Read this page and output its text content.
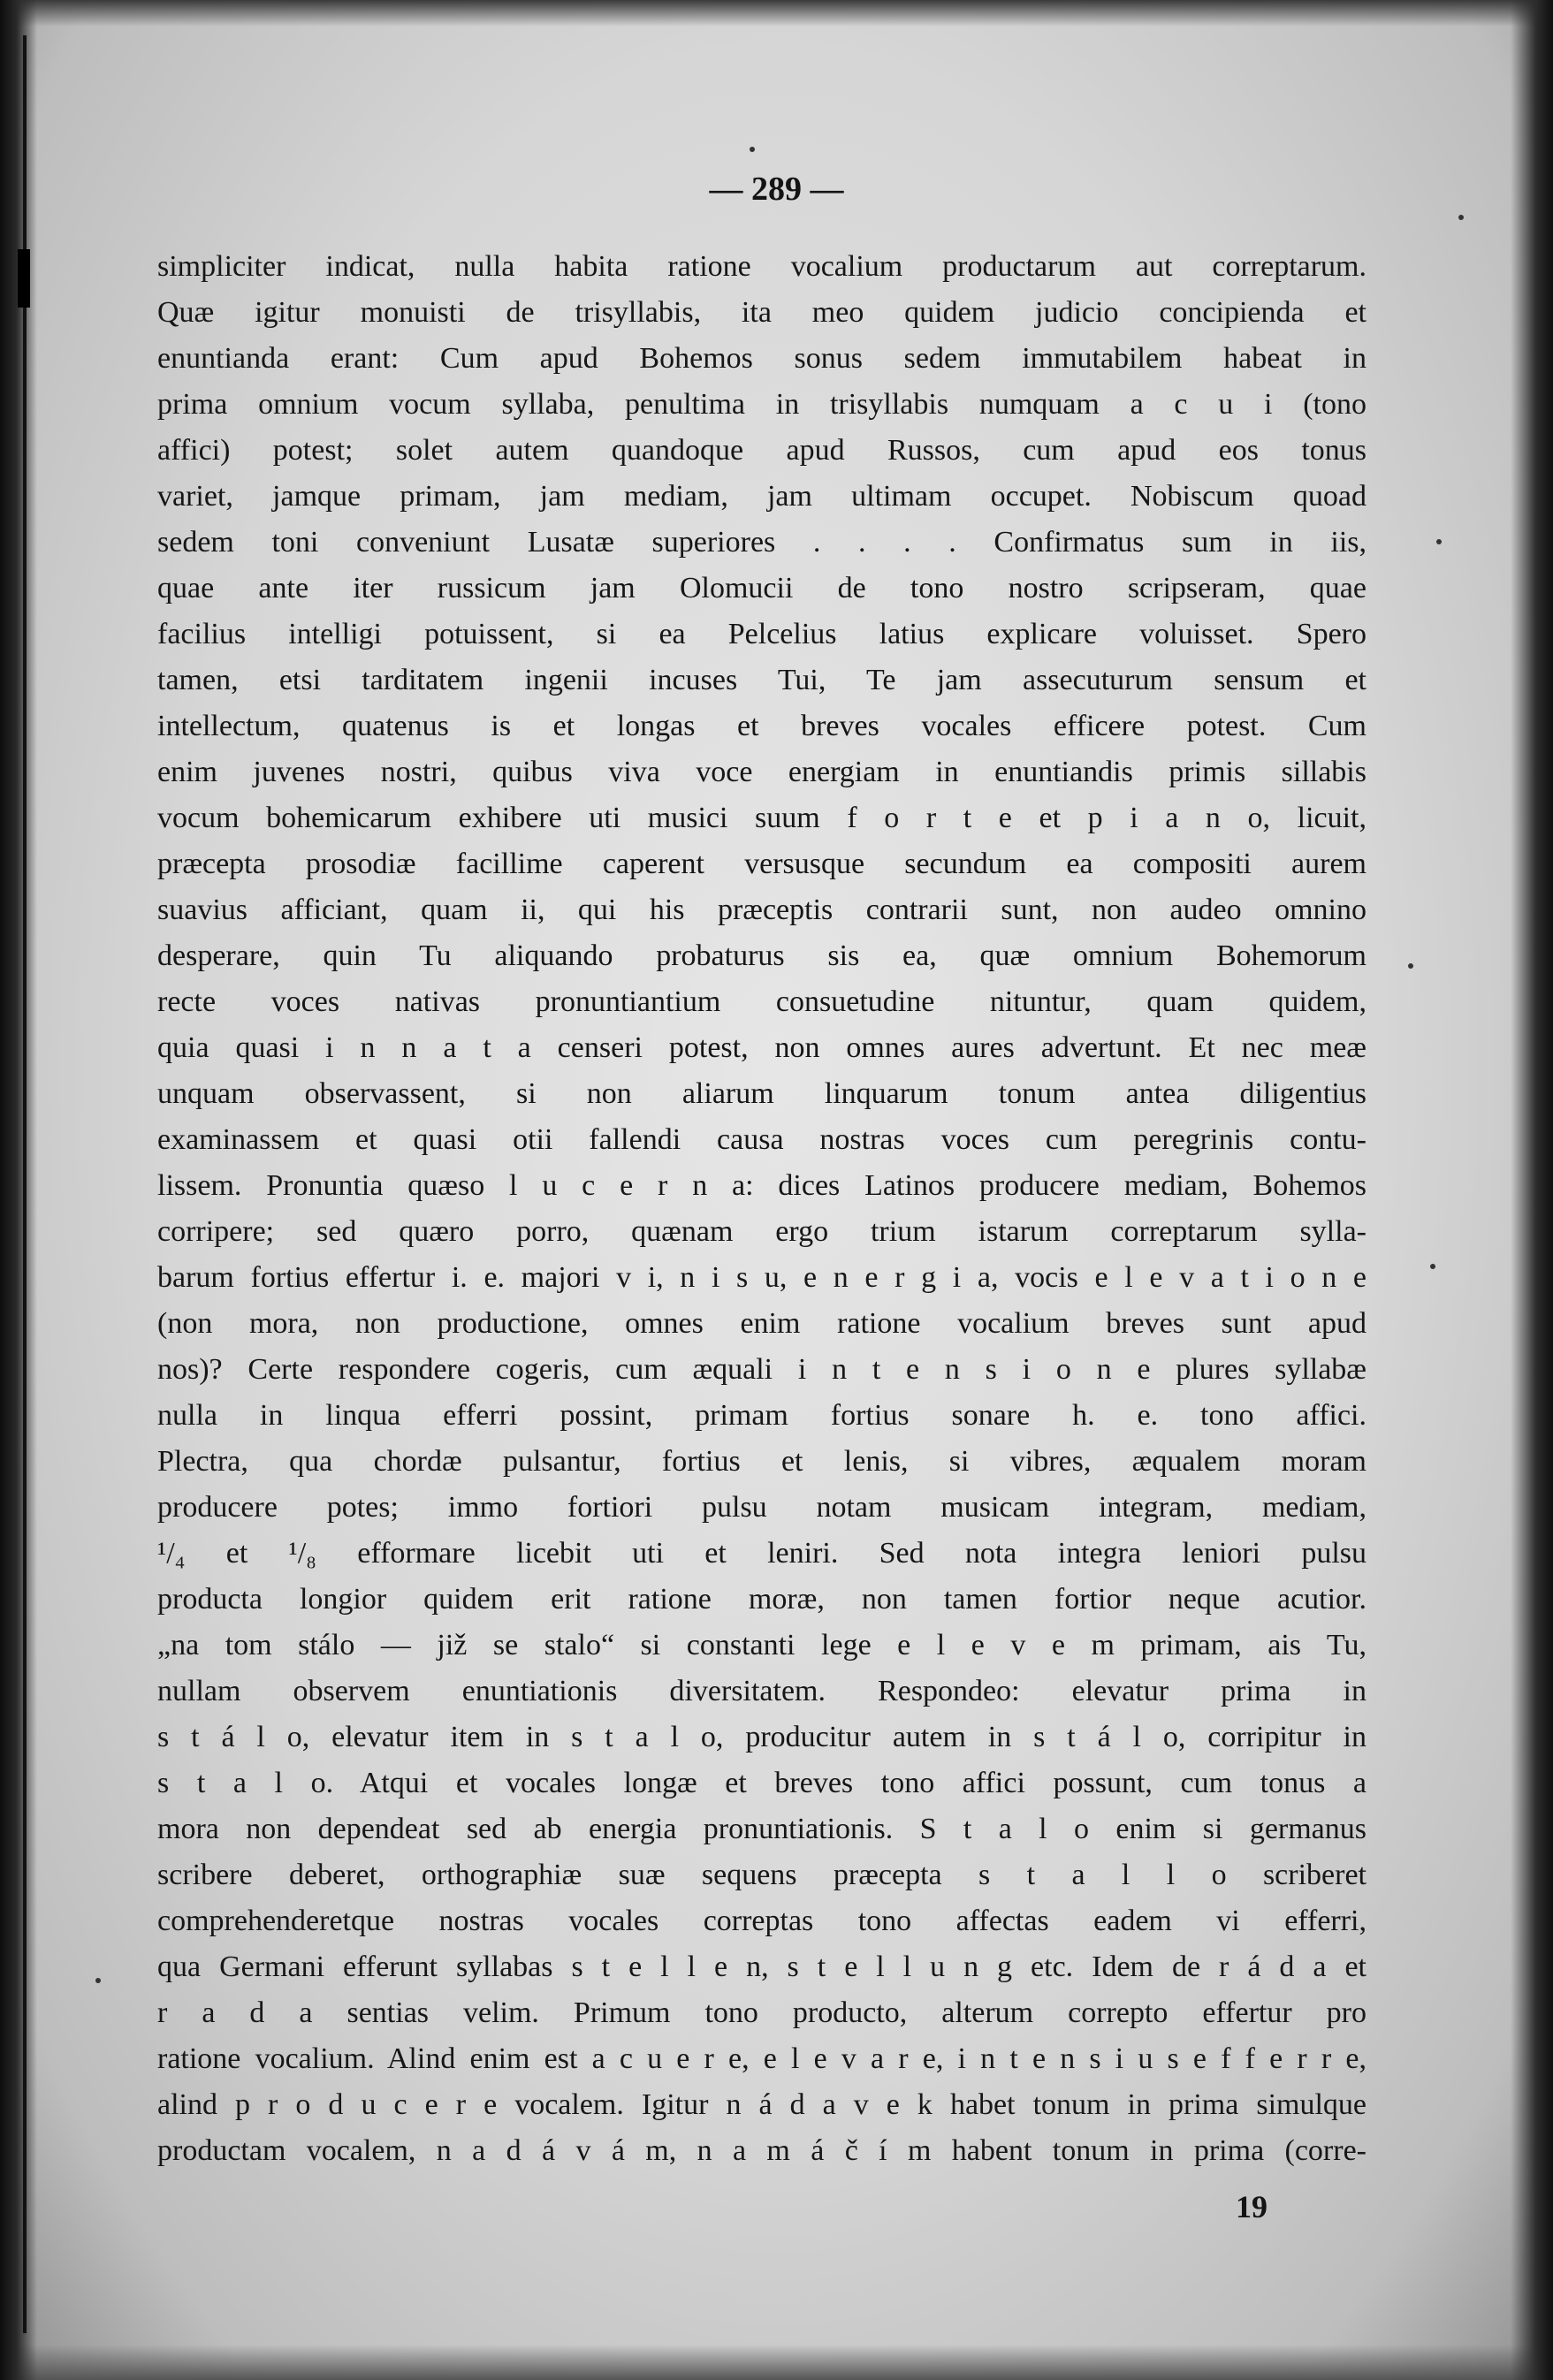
— 289 —
simpliciter indicat, nulla habita ratione vocalium productarum aut correptarum.
Quæ igitur monuisti de trisyllabis, ita meo quidem judicio concipienda et
enuntianda erant: Cum apud Bohemos sonus sedem immutabilem habeat in
prima omnium vocum syllaba, penultima in trisyllabis numquam a c u i (tono
affici) potest; solet autem quandoque apud Russos, cum apud eos tonus
variet, jamque primam, jam mediam, jam ultimam occupet. Nobiscum quoad
sedem toni conveniunt Lusatæ superiores . . . . Confirmatus sum in iis,
quae ante iter russicum jam Olomucii de tono nostro scripseram, quae
facilius intelligi potuissent, si ea Pelcelius latius explicare voluisset. Spero
tamen, etsi tarditatem ingenii incuses Tui, Te jam assecuturum sensum et
intellectum, quatenus is et longas et breves vocales efficere potest. Cum
enim juvenes nostri, quibus viva voce energiam in enuntiandis primis sillabis
vocum bohemicarum exhibere uti musici suum f o r t e et p i a n o, licuit,
præcepta prosodiæ facillime caperent versusque secundum ea compositi aurem
suavius afficiant, quam ii, qui his præceptis contrarii sunt, non audeo omnino
desperare, quin Tu aliquando probaturus sis ea, quæ omnium Bohemorum
recte voces nativas pronuntiantium consuetudine nituntur, quam quidem,
quia quasi i n n a t a censeri potest, non omnes aures advertunt. Et nec meæ
unquam observassent, si non aliarum linquarum tonum antea diligentius
examinassem et quasi otii fallendi causa nostras voces cum peregrinis contu-
lissem. Pronuntia quæso l u c e r n a: dices Latinos producere mediam, Bohemos
corripere; sed quæro porro, quænam ergo trium istarum correptarum sylla-
barum fortius effertur i. e. majori v i, n i s u, e n e r g i a, vocis e l e v a t i o n e
(non mora, non productione, omnes enim ratione vocalium breves sunt apud
nos)? Certe respondere cogeris, cum æquali i n t e n s i o n e plures syllabæ
nulla in linqua efferri possint, primam fortius sonare h. e. tono affici.
Plectra, qua chordæ pulsantur, fortius et lenis, si vibres, æqualem moram
producere potes; immo fortiori pulsu notam musicam integram, mediam,
¹/₄ et ¹/₈ efformare licebit uti et leniri. Sed nota integra leniori pulsu
producta longior quidem erit ratione moræ, non tamen fortior neque acutior.
„na tom stálo — již se stalo“ si constanti lege e l e v e m primam, ais Tu,
nullam observem enuntiationis diversitatem. Respondeo: elevatur prima in
s t á l o, elevatur item in s t a l o, producitur autem in s t á l o, corripitur in
s t a l o. Atqui et vocales longæ et breves tono affici possunt, cum tonus a
mora non dependeat sed ab energia pronuntiationis. S t a l o enim si germanus
scribere deberet, orthographiæ suæ sequens præcepta s t a l l o scriberet
comprehenderetque nostras vocales correptas tono affectas eadem vi efferri,
qua Germani efferunt syllabas s t e l l e n, s t e l l u n g etc. Idem de r á d a et
r a d a sentias velim. Primum tono producto, alterum correpto effertur pro
ratione vocalium. Alind enim est a c u e r e, e l e v a r e, i n t e n s i u s e f f e r r e,
alind p r o d u c e r e vocalem. Igitur n á d a v e k habet tonum in prima simulque
productam vocalem, n a d á v á m, n a m á č í m habent tonum in prima (corre-
19
